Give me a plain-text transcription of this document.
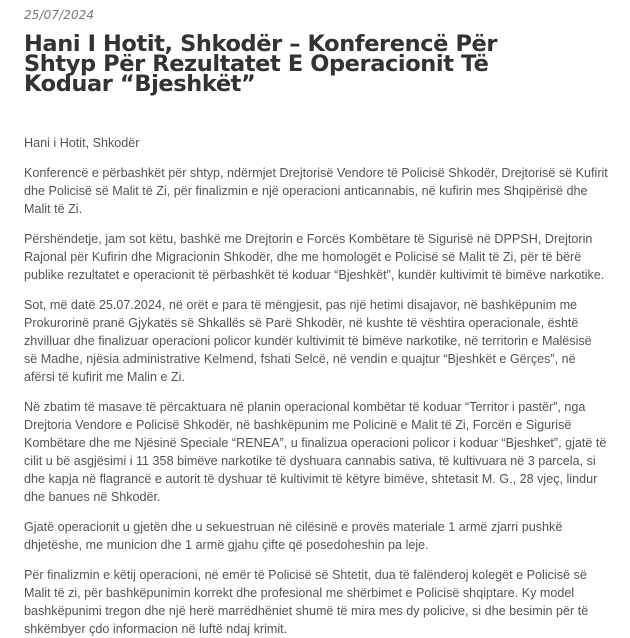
25/07/2024
Hani I Hotit, Shkodër – Konferencë Për
Shtyp Për Rezultatet E Operacionit Të
Koduar “Bjeshkët”

Hani i Hotit, Shkodër

Konferencë e përbashkët për shtyp, ndërmjet Drejtorisë Vendore të Policisë Shkodër, Drejtorisë së Kufirit dhe Policisë së Malit të Zi, për finalizmin e një operacioni anticannabis, në kufirin mes Shqipërisë dhe Malit të Zi.

Përshëndetje, jam sot këtu, bashkë me Drejtorin e Forcës Kombëtare të Sigurisë në DPPSH, Drejtorin Rajonal për Kufirin dhe Migracionin Shkodër, dhe me homologët e Policisë së Malit të Zi, për të bërë publike rezultatet e operacionit të përbashkët të koduar “Bjeshkët”, kundër kultivimit të bimëve narkotike.

Sot, më datë 25.07.2024, në orët e para të mëngjesit, pas një hetimi disajavor, në bashkëpunim me Prokurorinë pranë Gjykatës së Shkallës së Parë Shkodër, në kushte të vështira operacionale, është zhvilluar dhe finalizuar operacioni policor kundër kultivimit të bimëve narkotike, në territorin e Malësisë së Madhe, njësia administrative Kelmend, fshati Selcë, në vendin e quajtur “Bjeshkët e Gërçes”, në afërsi të kufirit me Malin e Zi.

Në zbatim të masave të përcaktuara në planin operacional kombëtar të koduar “Territor i pastër”, nga Drejtoria Vendore e Policisë Shkodër, në bashkëpunim me Policinë e Malit të Zi, Forcën e Sigurisë Kombëtare dhe me Njësinë Speciale “RENEA”, u finalizua operacioni policor i koduar “Bjeshket”, gjatë të cilit u bë asgjësimi i 11 358 bimëve narkotike të dyshuara cannabis sativa, të kultivuara në 3 parcela, si dhe kapja në flagrancë e autorit të dyshuar të kultivimit të këtyre bimëve, shtetasit M. G., 28 vjeç, lindur dhe banues në Shkodër.

Gjatë operacionit u gjetën dhe u sekuestruan në cilësinë e provës materiale 1 armë zjarri pushkë dhjetëshe, me municion dhe 1 armë gjahu çifte që posedoheshin pa leje.

Për finalizmin e këtij operacioni, në emër të Policisë së Shtetit, dua të falënderoj kolegët e Policisë së Malit të zi, për bashkëpunimin korrekt dhe profesional me shërbimet e Policisë shqiptare. Ky model bashkëpunimi tregon dhe një herë marrëdhëniet shumë të mira mes dy policive, si dhe besimin për të shkëmbyer çdo informacion në luftë ndaj krimit.
